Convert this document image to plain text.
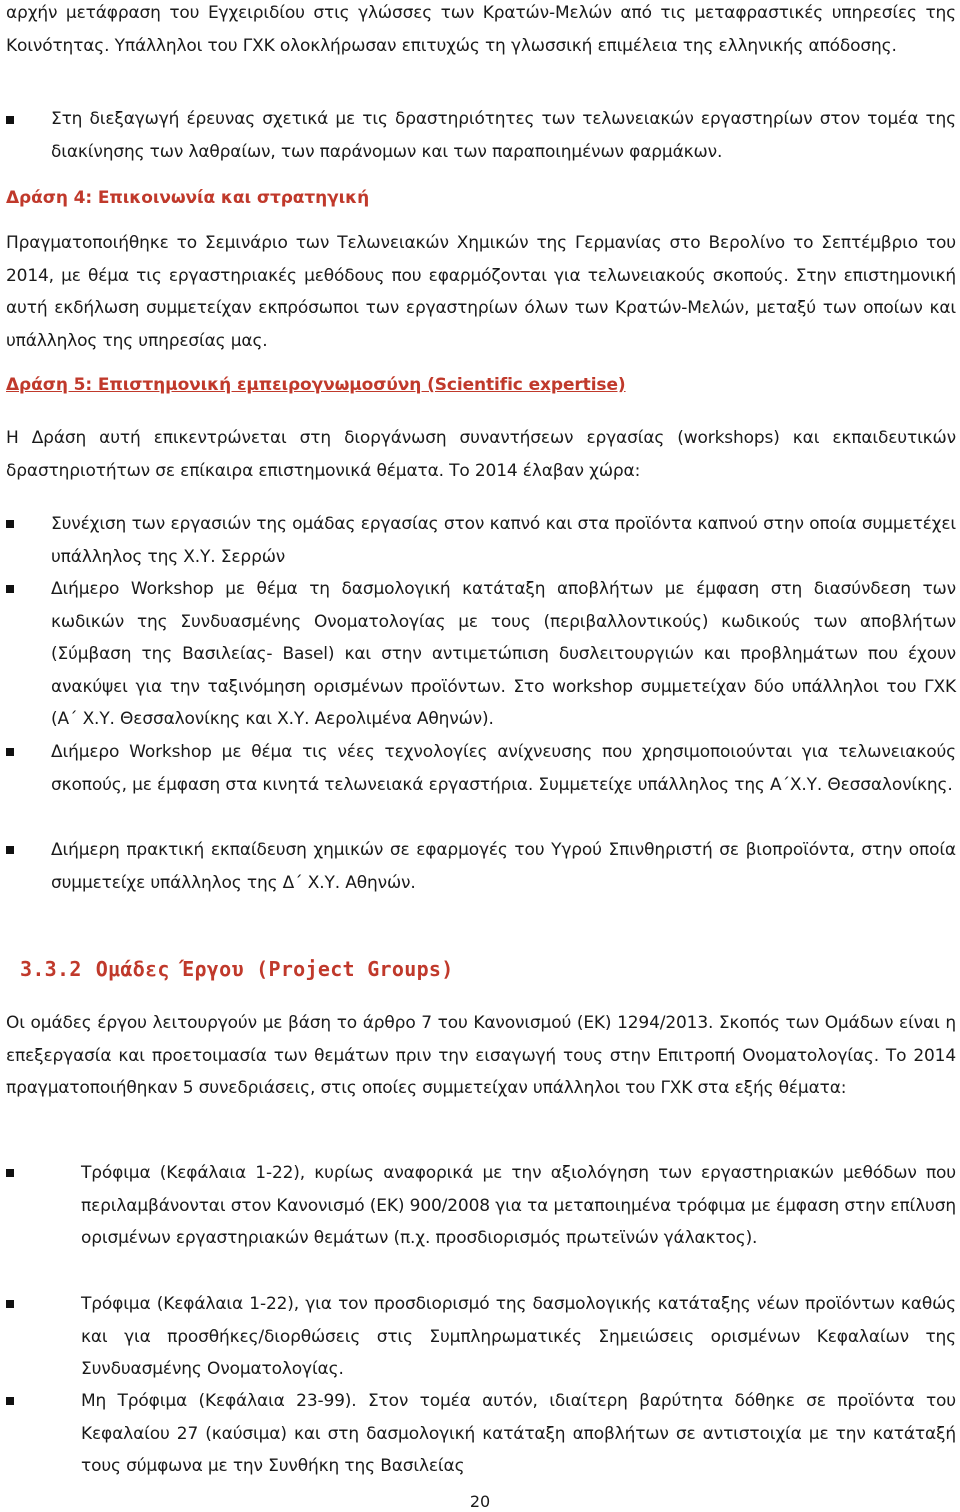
αρχήν μετάφραση του Εγχειριδίου στις γλώσσες των Κρατών-Μελών από τις μεταφραστικές υπηρεσίες της Κοινότητας. Υπάλληλοι του ΓΧΚ ολοκλήρωσαν επιτυχώς τη γλωσσική επιμέλεια της ελληνικής απόδοσης.

Στη διεξαγωγή έρευνας σχετικά με τις δραστηριότητες των τελωνειακών εργαστηρίων στον τομέα της διακίνησης των λαθραίων, των παράνομων και των παραποιημένων φαρμάκων.

Δράση 4: Επικοινωνία και στρατηγική

Πραγματοποιήθηκε το Σεμινάριο των Τελωνειακών Χημικών της Γερμανίας στο Βερολίνο το Σεπτέμβριο του 2014, με θέμα τις εργαστηριακές μεθόδους που εφαρμόζονται για τελωνειακούς σκοπούς. Στην επιστημονική αυτή εκδήλωση συμμετείχαν εκπρόσωποι των εργαστηρίων όλων των Κρατών-Μελών, μεταξύ των οποίων και υπάλληλος της υπηρεσίας μας.

Δράση 5: Επιστημονική εμπειρογνωμοσύνη (Scientific expertise)

Η Δράση αυτή επικεντρώνεται στη διοργάνωση συναντήσεων εργασίας (workshops) και εκπαιδευτικών δραστηριοτήτων σε επίκαιρα επιστημονικά θέματα. Το 2014 έλαβαν χώρα:

Συνέχιση των εργασιών της ομάδας εργασίας στον καπνό και στα προϊόντα καπνού στην οποία συμμετέχει υπάλληλος της Χ.Υ. Σερρών

Διήμερο Workshop με θέμα τη δασμολογική κατάταξη αποβλήτων με έμφαση στη διασύνδεση των κωδικών της Συνδυασμένης Ονοματολογίας με τους (περιβαλλοντικούς) κωδικούς των αποβλήτων (Σύμβαση της Βασιλείας- Basel) και στην αντιμετώπιση δυσλειτουργιών και προβλημάτων που έχουν ανακύψει για την ταξινόμηση ορισμένων προϊόντων. Στο workshop συμμετείχαν δύο υπάλληλοι του ΓΧΚ (Α΄ Χ.Υ. Θεσσαλονίκης και Χ.Υ. Αερολιμένα Αθηνών).

Διήμερο Workshop με θέμα τις νέες τεχνολογίες ανίχνευσης που χρησιμοποιούνται για τελωνειακούς σκοπούς, με έμφαση στα κινητά τελωνειακά εργαστήρια. Συμμετείχε υπάλληλος της Α΄Χ.Υ. Θεσσαλονίκης.

Διήμερη πρακτική εκπαίδευση χημικών σε εφαρμογές του Υγρού Σπινθηριστή σε βιοπροϊόντα, στην οποία συμμετείχε υπάλληλος της Δ΄ Χ.Υ. Αθηνών.

3.3.2 Ομάδες Έργου (Project Groups)

Οι ομάδες έργου λειτουργούν με βάση το άρθρο 7 του Κανονισμού (ΕΚ) 1294/2013. Σκοπός των Ομάδων είναι η επεξεργασία και προετοιμασία των θεμάτων πριν την εισαγωγή τους στην Επιτροπή Ονοματολογίας. Το 2014 πραγματοποιήθηκαν 5 συνεδριάσεις, στις οποίες συμμετείχαν υπάλληλοι του ΓΧΚ στα εξής θέματα:

Τρόφιμα (Κεφάλαια 1-22), κυρίως αναφορικά με την αξιολόγηση των εργαστηριακών μεθόδων που περιλαμβάνονται στον Κανονισμό (ΕΚ) 900/2008 για τα μεταποιημένα τρόφιμα με έμφαση στην επίλυση ορισμένων εργαστηριακών θεμάτων (π.χ. προσδιορισμός πρωτεϊνών γάλακτος).

Τρόφιμα (Κεφάλαια 1-22), για τον προσδιορισμό της δασμολογικής κατάταξης νέων προϊόντων καθώς και για προσθήκες/διορθώσεις στις Συμπληρωματικές Σημειώσεις ορισμένων Κεφαλαίων της Συνδυασμένης Ονοματολογίας.

Μη Τρόφιμα (Κεφάλαια 23-99). Στον τομέα αυτόν, ιδιαίτερη βαρύτητα δόθηκε σε προϊόντα του Κεφαλαίου 27 (καύσιμα) και στη δασμολογική κατάταξη αποβλήτων σε αντιστοιχία με την κατάταξή τους σύμφωνα με την Συνθήκη της Βασιλείας

20
